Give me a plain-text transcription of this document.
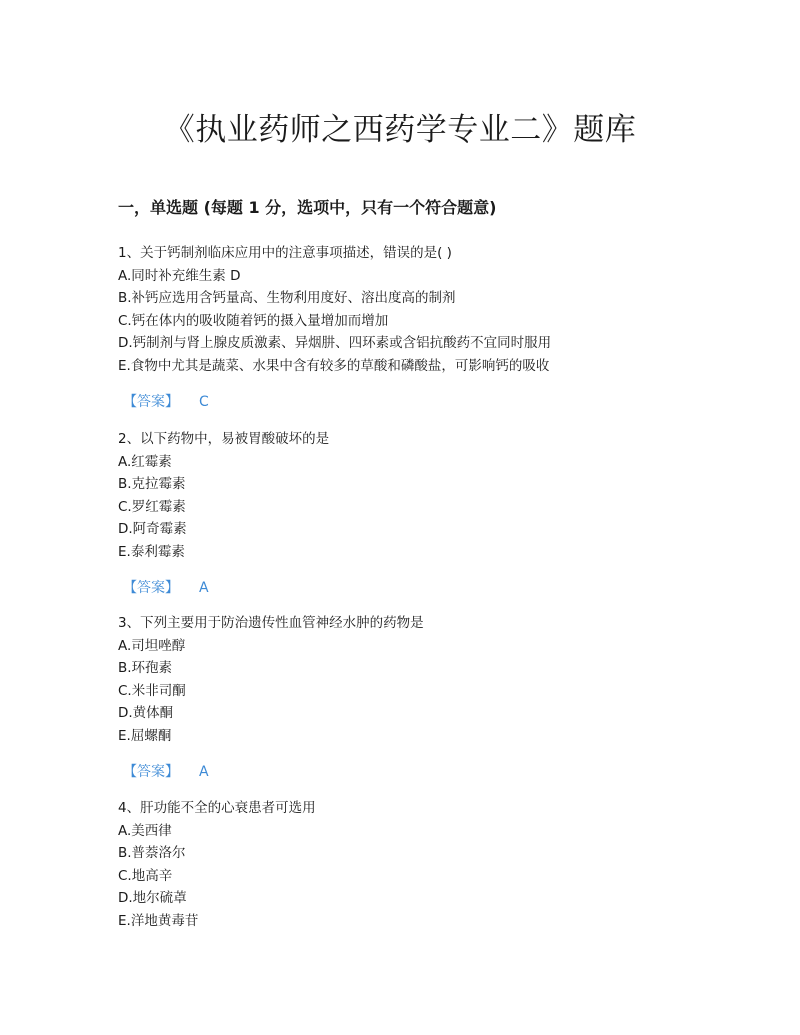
《执业药师之西药学专业二》题库
一，单选题 (每题 1 分，选项中，只有一个符合题意)
1、关于钙制剂临床应用中的注意事项描述，错误的是( )
A.同时补充维生素 D
B.补钙应选用含钙量高、生物利用度好、溶出度高的制剂
C.钙在体内的吸收随着钙的摄入量增加而增加
D.钙制剂与肾上腺皮质激素、异烟肼、四环素或含铝抗酸药不宜同时服用
E.食物中尤其是蔬菜、水果中含有较多的草酸和磷酸盐，可影响钙的吸收
【答案】 C
2、以下药物中，易被胃酸破坏的是
A.红霉素
B.克拉霉素
C.罗红霉素
D.阿奇霉素
E.泰利霉素
【答案】 A
3、下列主要用于防治遗传性血管神经水肿的药物是
A.司坦唑醇
B.环孢素
C.米非司酮
D.黄体酮
E.屈螺酮
【答案】 A
4、肝功能不全的心衰患者可选用
A.美西律
B.普萘洛尔
C.地高辛
D.地尔硫䓬
E.洋地黄毒苷
